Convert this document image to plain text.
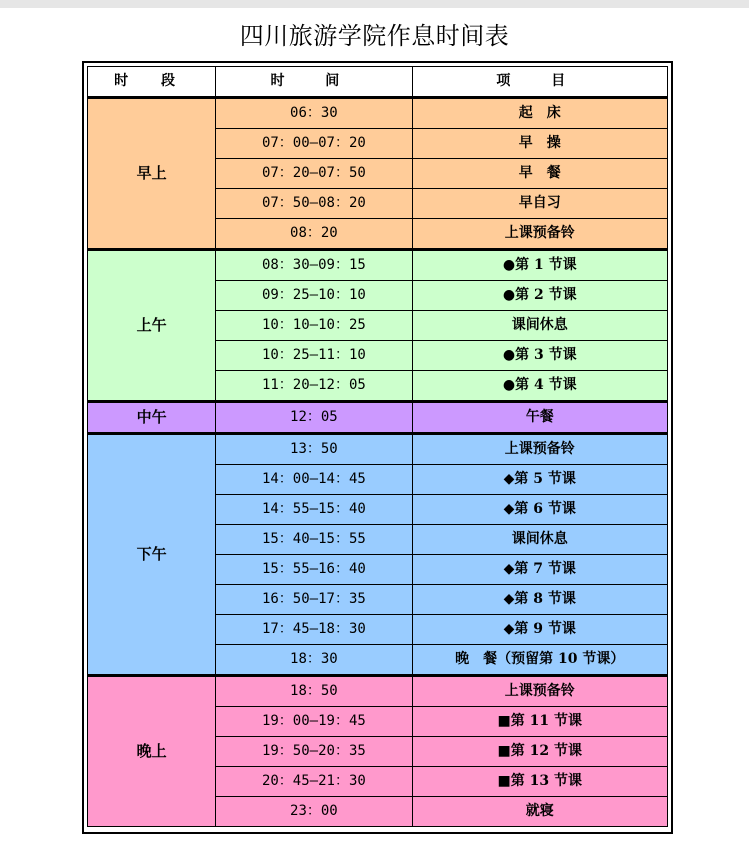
四川旅游学院作息时间表
时 段	时 间	项 目
早上	06：30	起　床
	07：00—07：20	早　操
	07：20—07：50	早　餐
	07：50—08：20	早自习
	08：20	上课预备铃
上午	08：30—09：15	●第 1 节课
	09：25—10：10	●第 2 节课
	10：10—10：25	课间休息
	10：25—11：10	●第 3 节课
	11：20—12：05	●第 4 节课
中午	12：05	午餐
下午	13：50	上课预备铃
	14：00—14：45	◆第 5 节课
	14：55—15：40	◆第 6 节课
	15：40—15：55	课间休息
	15：55—16：40	◆第 7 节课
	16：50—17：35	◆第 8 节课
	17：45—18：30	◆第 9 节课
	18：30	晚　餐（预留第 10 节课）
晚上	18：50	上课预备铃
	19：00—19：45	■第 11 节课
	19：50—20：35	■第 12 节课
	20：45—21：30	■第 13 节课
	23：00	就寝
